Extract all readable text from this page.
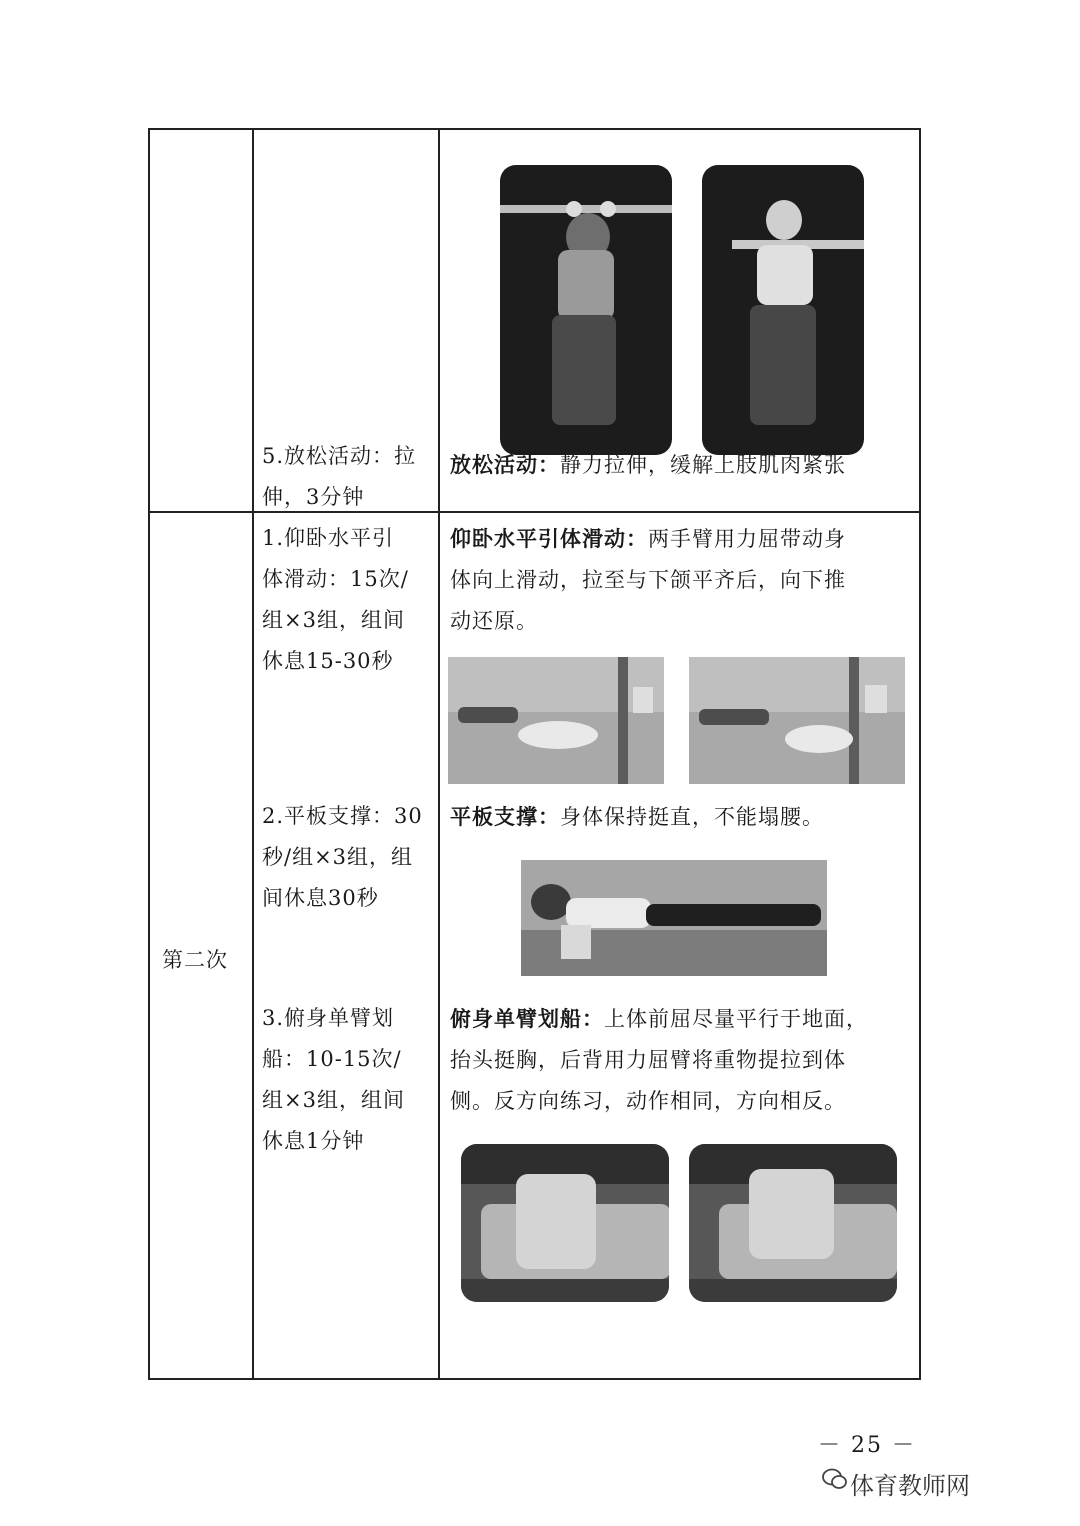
5.放松活动：拉
伸，3分钟
放松活动：静力拉伸，缓解上肢肌肉紧张
第二次
1.仰卧水平引
体滑动：15次/
组×3组，组间
休息15-30秒
仰卧水平引体滑动：两手臂用力屈带动身
体向上滑动，拉至与下颌平齐后，向下推
动还原。
2.平板支撑：30
秒/组×3组，组
间休息30秒
平板支撑：身体保持挺直，不能塌腰。
3.俯身单臂划
船：10-15次/
组×3组，组间
休息1分钟
俯身单臂划船：上体前屈尽量平行于地面，
抬头挺胸，后背用力屈臂将重物提拉到体
侧。反方向练习，动作相同，方向相反。
－ 25 －
体育教师网
